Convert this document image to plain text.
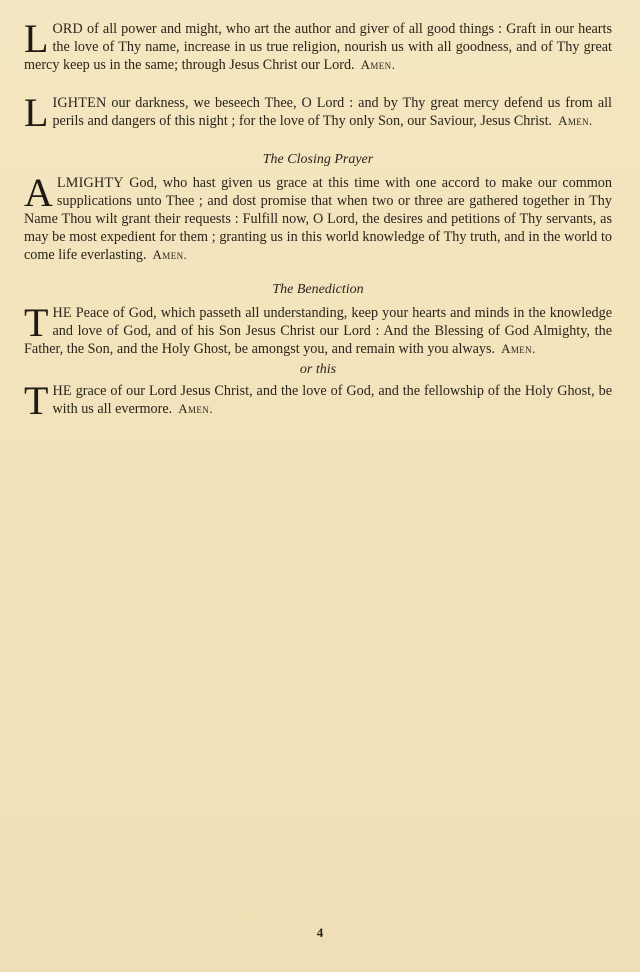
LORD of all power and might, who art the author and giver of all good things : Graft in our hearts the love of Thy name, increase in us true religion, nourish us with all goodness, and of Thy great mercy keep us in the same; through Jesus Christ our Lord. Amen.

LIGHTEN our darkness, we beseech Thee, O Lord : and by Thy great mercy defend us from all perils and dangers of this night ; for the love of Thy only Son, our Saviour, Jesus Christ. Amen.

The Closing Prayer

ALMIGHTY God, who hast given us grace at this time with one accord to make our common supplications unto Thee ; and dost promise that when two or three are gathered together in Thy Name Thou wilt grant their requests : Fulfill now, O Lord, the desires and petitions of Thy servants, as may be most expedient for them ; granting us in this world knowledge of Thy truth, and in the world to come life everlasting. Amen.

The Benediction

THE Peace of God, which passeth all understanding, keep your hearts and minds in the knowledge and love of God, and of his Son Jesus Christ our Lord : And the Blessing of God Almighty, the Father, the Son, and the Holy Ghost, be amongst you, and remain with you always. Amen.

or this

THE grace of our Lord Jesus Christ, and the love of God, and the fellowship of the Holy Ghost, be with us all evermore. Amen.

4
